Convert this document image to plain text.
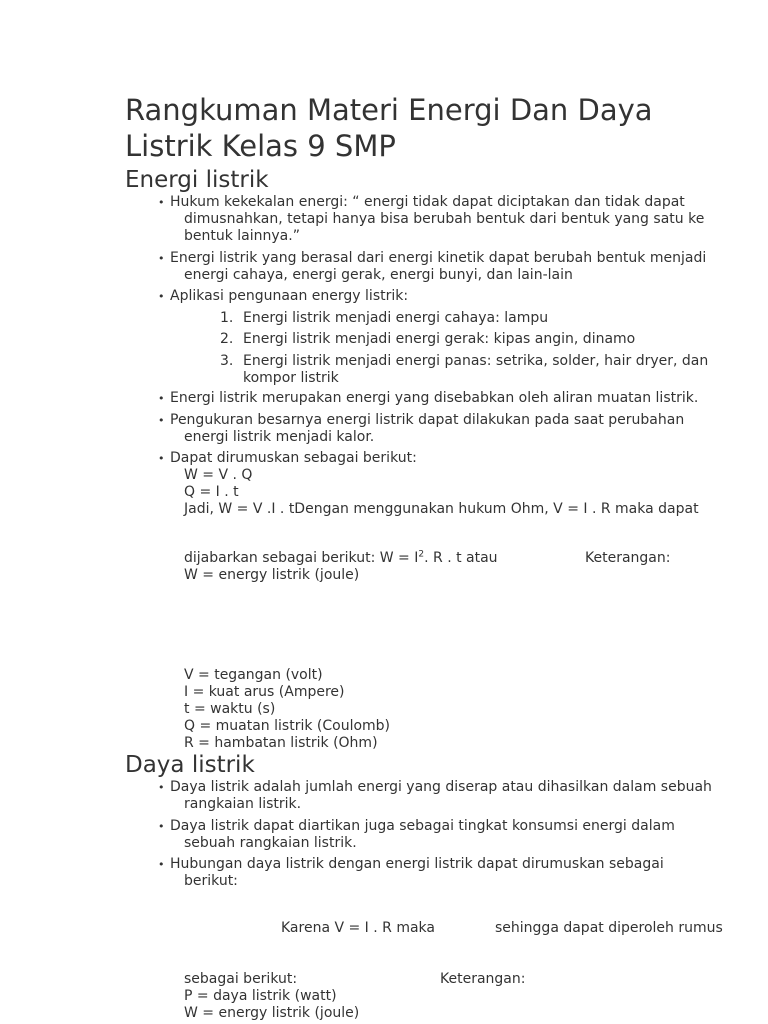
Rangkuman Materi Energi Dan Daya Listrik Kelas 9 SMP
Energi listrik
• Hukum kekekalan energi: “ energi tidak dapat diciptakan dan tidak dapat
dimusnahkan, tetapi hanya bisa berubah bentuk dari bentuk yang satu ke bentuk lainnya.”
• Energi listrik yang berasal dari energi kinetik dapat berubah bentuk menjadi
energi cahaya, energi gerak, energi bunyi, dan lain-lain
• Aplikasi pengunaan energy listrik:
1. Energi listrik menjadi energi cahaya: lampu
2. Energi listrik menjadi energi gerak: kipas angin, dinamo
3. Energi listrik menjadi energi panas: setrika, solder, hair dryer, dan kompor listrik
• Energi listrik merupakan energi yang disebabkan oleh aliran muatan listrik.
• Pengukuran besarnya energi listrik dapat dilakukan pada saat perubahan
energi listrik menjadi kalor.
• Dapat dirumuskan sebagai berikut:
W = V . Q
Q = I . t
Jadi, W = V .I . tDengan menggunakan hukum Ohm, V = I . R maka dapat
dijabarkan sebagai berikut: $W = I^2$. R . t atau	Keterangan:
W = energy listrik (joule)
V = tegangan (volt)
I = kuat arus (Ampere)
t = waktu (s)
Q = muatan listrik (Coulomb)
R = hambatan listrik (Ohm)
Daya listrik
• Daya listrik adalah jumlah energi yang diserap atau dihasilkan dalam sebuah
rangkaian listrik.
• Daya listrik dapat diartikan juga sebagai tingkat konsumsi energi dalam
sebuah rangkaian listrik.
• Hubungan daya listrik dengan energi listrik dapat dirumuskan sebagai
berikut:
Karena V = I . R maka	sehingga dapat diperoleh rumus
sebagai berikut:	Keterangan:
P = daya listrik (watt)
W = energy listrik (joule)
